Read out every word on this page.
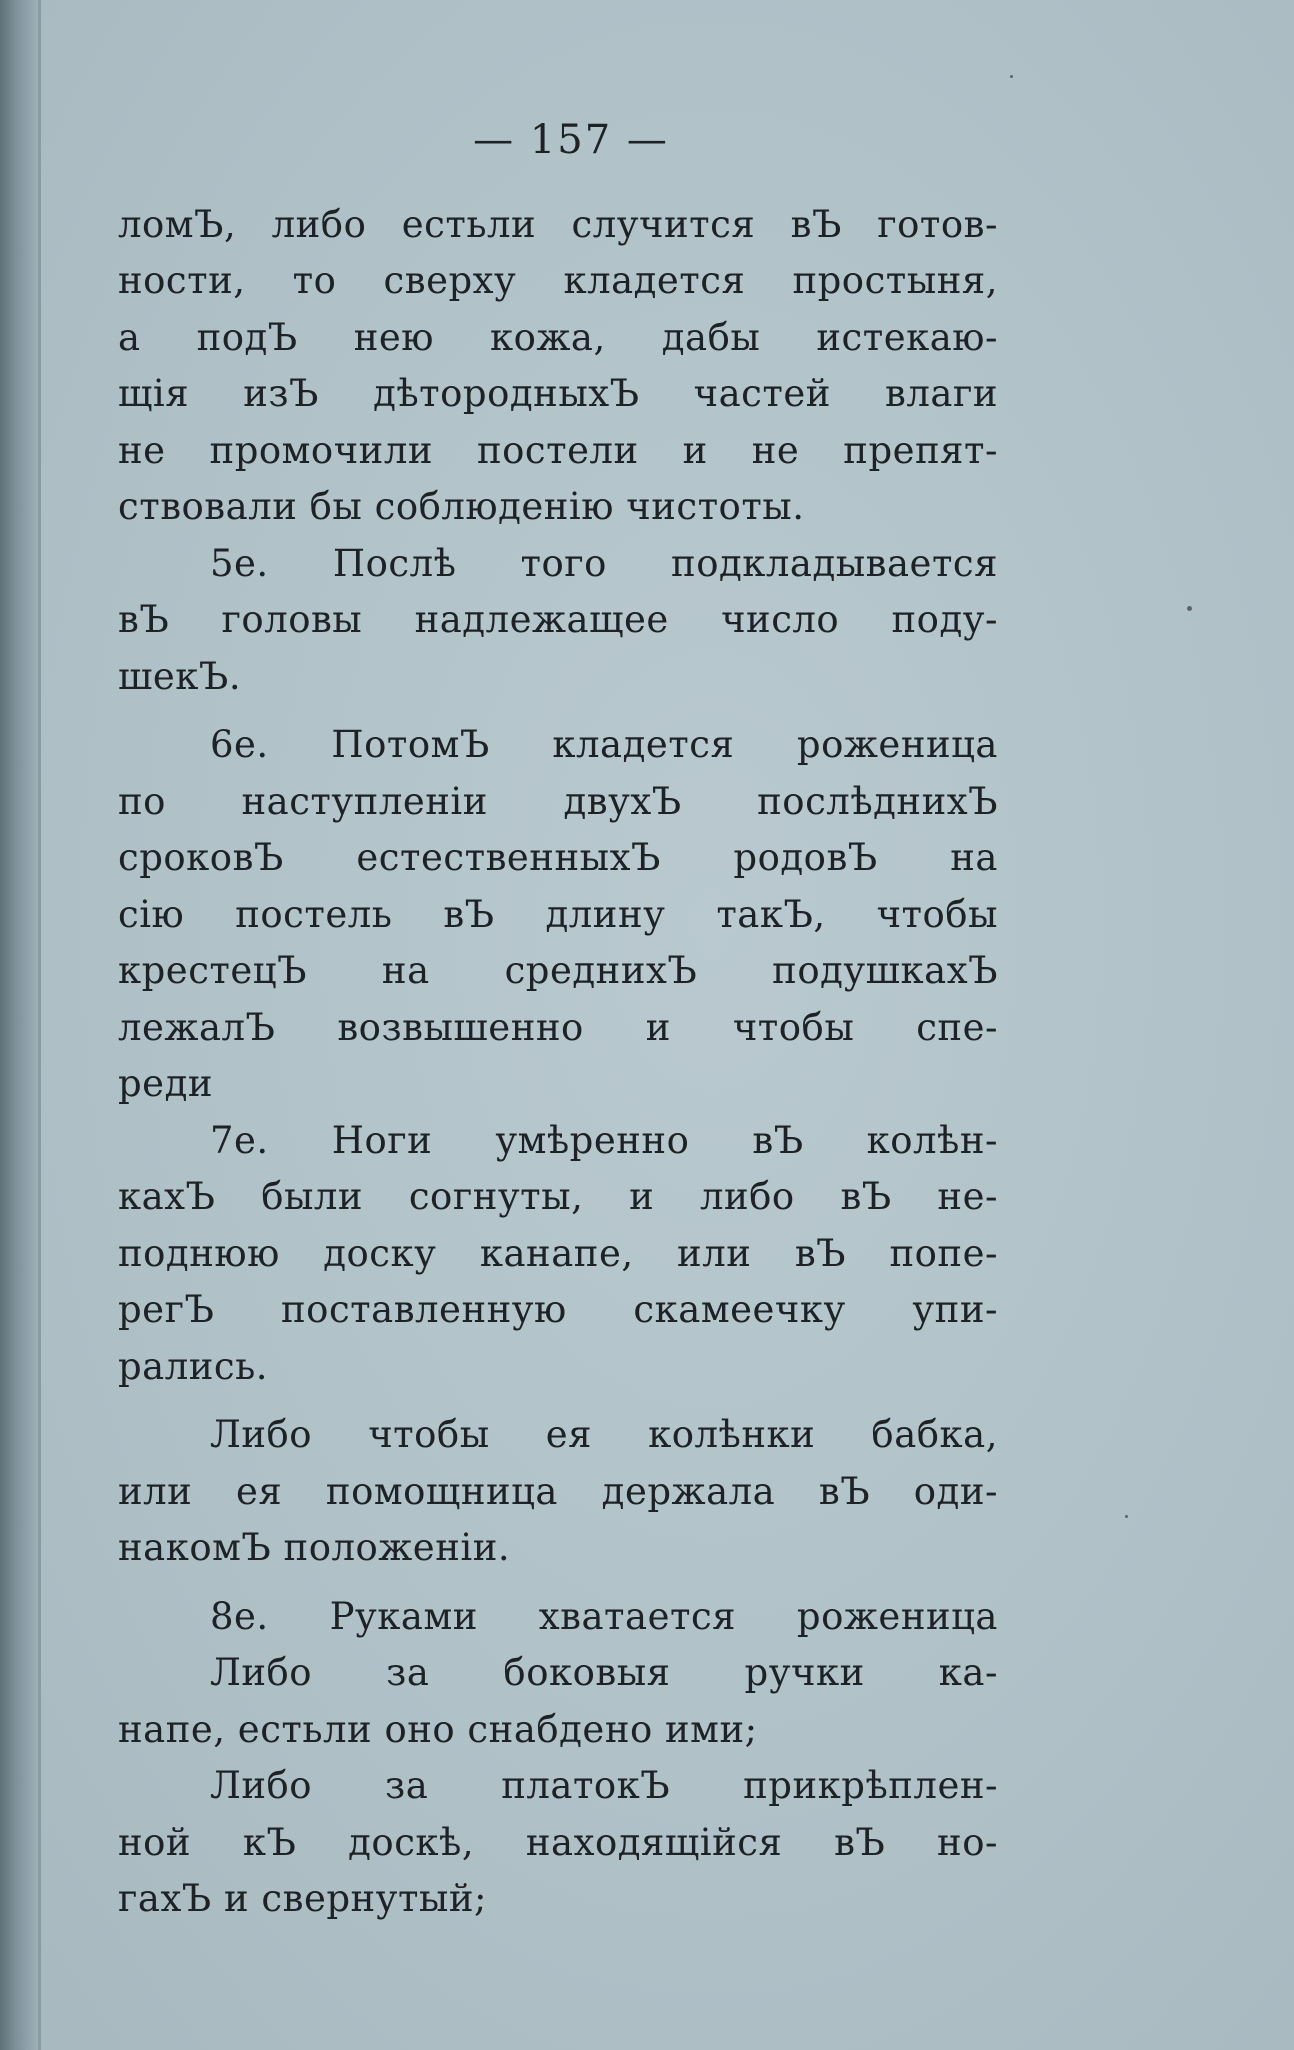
— 157 —
ломЪ, либо естьли случится вЪ готов-
ности, то сверху кладется простыня,
а подЪ нею кожа, дабы истекаю-
щія изЪ дѣтородныхЪ частей влаги
не промочили постели и не препят-
ствовали бы соблюденію чистоты.
5е. Послѣ того подкладывается
вЪ головы надлежащее число поду-
шекЪ.
6е. ПотомЪ кладется роженица
по наступленіи двухЪ послѣднихЪ
сроковЪ естественныхЪ родовЪ на
сію постель вЪ длину такЪ, чтобы
крестецЪ на среднихЪ подушкахЪ
лежалЪ возвышенно и чтобы спе-
реди
7е. Ноги умѣренно вЪ колѣн-
кахЪ были согнуты, и либо вЪ не-
поднюю доску канапе, или вЪ попе-
регЪ поставленную скамеечку упи-
рались.
Либо чтобы ея колѣнки бабка,
или ея помощница держала вЪ оди-
накомЪ положеніи.
8е. Руками хватается роженица
Либо за боковыя ручки ка-
напе, естьли оно снабдено ими;
Либо за платокЪ прикрѣплен-
ной кЪ доскѣ, находящійся вЪ но-
гахЪ и свернутый;
